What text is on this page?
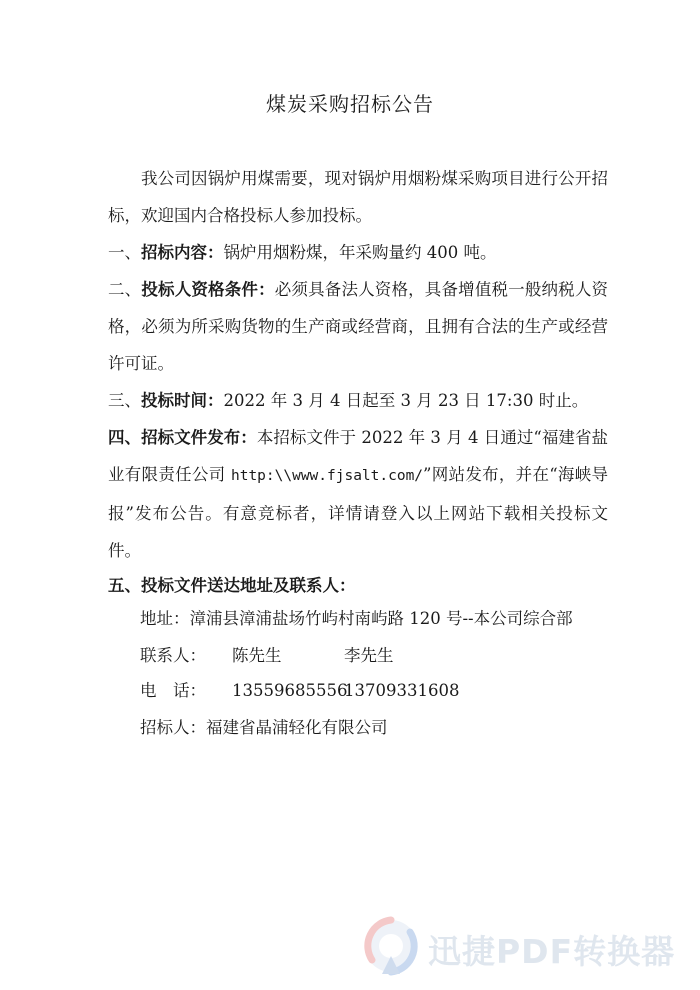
煤炭采购招标公告
我公司因锅炉用煤需要，现对锅炉用烟粉煤采购项目进行公开招标，欢迎国内合格投标人参加投标。
一、招标内容：锅炉用烟粉煤，年采购量约 400 吨。
二、投标人资格条件：必须具备法人资格，具备增值税一般纳税人资格，必须为所采购货物的生产商或经营商，且拥有合法的生产或经营许可证。
三、投标时间：2022 年 3 月 4 日起至 3 月 23 日 17:30 时止。
四、招标文件发布：本招标文件于 2022 年 3 月 4 日通过“福建省盐业有限责任公司 http:\\www.fjsalt.com/”网站发布，并在“海峡导报”发布公告。有意竞标者，详情请登入以上网站下载相关投标文件。
五、投标文件送达地址及联系人：
地址：漳浦县漳浦盐场竹屿村南屿路 120 号--本公司综合部
联系人： 陈先生	李先生
电　话： 1355968555613709331608
招标人：福建省晶浦轻化有限公司
迅捷PDF转换器
